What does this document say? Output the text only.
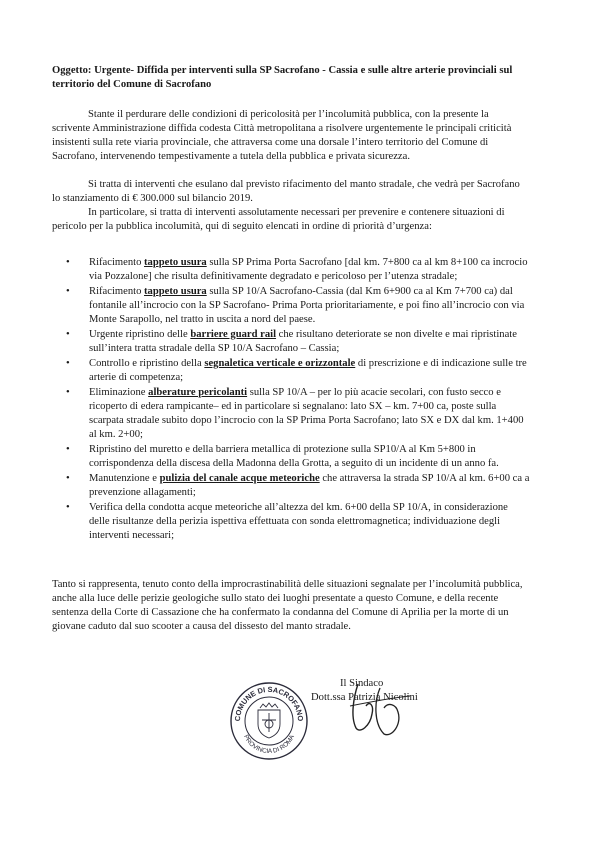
Oggetto: Urgente- Diffida per interventi sulla SP Sacrofano - Cassia e sulle altre arterie provinciali sul territorio del Comune di Sacrofano
Stante il perdurare delle condizioni di pericolosità per l’incolumità pubblica, con la presente la scrivente Amministrazione diffida codesta Città metropolitana a risolvere urgentemente le principali criticità insistenti sulla rete viaria provinciale, che attraversa come una dorsale l’intero territorio del Comune di Sacrofano, intervenendo tempestivamente a tutela della pubblica e privata sicurezza.
Si tratta di interventi che esulano dal previsto rifacimento del manto stradale, che vedrà per Sacrofano lo stanziamento di € 300.000 sul bilancio 2019.
In particolare, si tratta di interventi assolutamente necessari per prevenire e contenere situazioni di pericolo per la pubblica incolumità, qui di seguito elencati in ordine di priorità d’urgenza:
• Rifacimento tappeto usura sulla SP Prima Porta Sacrofano [dal km. 7+800 ca al km 8+100 ca incrocio via Pozzalone] che risulta definitivamente degradato e pericoloso per l’utenza stradale;
• Rifacimento tappeto usura sulla SP 10/A Sacrofano-Cassia (dal Km 6+900 ca al Km 7+700 ca) dal fontanile all’incrocio con la SP Sacrofano- Prima Porta prioritariamente, e poi fino all’incrocio con via Monte Sarapollo, nel tratto in uscita a nord del paese.
• Urgente ripristino delle barriere guard rail che risultano deteriorate se non divelte e mai ripristinate sull’intera tratta stradale della SP 10/A Sacrofano – Cassia;
• Controllo e ripristino della segnaletica verticale e orizzontale di prescrizione e di indicazione sulle tre arterie di competenza;
• Eliminazione alberature pericolanti sulla SP 10/A – per lo più acacie secolari, con fusto secco e ricoperto di edera rampicante– ed in particolare si segnalano: lato SX – km. 7+00 ca, poste sulla scarpata stradale subito dopo l’incrocio con la SP Prima Porta Sacrofano; lato SX e DX dal km. 1+400 al km. 2+00;
• Ripristino del muretto e della barriera metallica di protezione sulla SP10/A al Km 5+800 in corrispondenza della discesa della Madonna della Grotta, a seguito di un incidente di un anno fa.
• Manutenzione e pulizia del canale acque meteoriche che attraversa la strada SP 10/A al km. 6+00 ca a prevenzione allagamenti;
• Verifica della condotta acque meteoriche all’altezza del km. 6+00 della SP 10/A, in considerazione delle risultanze della perizia ispettiva effettuata con sonda elettromagnetica; individuazione degli interventi necessari;
Tanto si rappresenta, tenuto conto della improcrastinabilità delle situazioni segnalate per l’incolumità pubblica, anche alla luce delle perizie geologiche sullo stato dei luoghi presentate a questo Comune, e della recente sentenza della Corte di Cassazione che ha confermato la condanna del Comune di Aprilia per la morte di un giovane caduto dal suo scooter a causa del dissesto del manto stradale.
COMUNE DI SACROFANO
PROVINCIA DI ROMA
Il Sindaco
Dott.ssa Patrizia Nicolini
